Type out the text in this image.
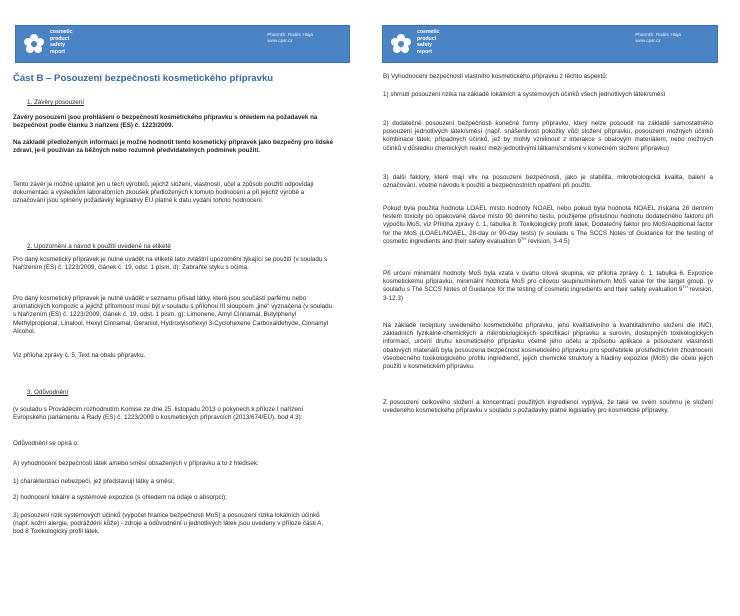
cosmetic
product
safety
report
PharmDr. Radim Hlaja
www.cpsr.cz
Část B – Posouzení bezpečnosti kosmetického přípravku
1. Závěry posouzení
Závěry posouzení jsou prohlášení o bezpečnosti kosmetického přípravku s ohledem na požadavek na bezpečnost podle článku 3 nařízení (ES) č. 1223/2009.
Na základě předložených informací je možné hodnotit tento kosmetický přípravek jako bezpečný pro lidské zdraví, je-li používán za běžných nebo rozumně předvídatelných podmínek použití.
Tento závěr je možné uplatnit jen u těch výrobků, jejichž složení, vlastnosti, účel a způsob použití odpovídají dokumentaci a výsledkům laboratorních zkoušek předložených k tomuto hodnocení a při jejichž výrobě a označování jsou splněny požadavky legislativy EU platné k datu vydání tohoto hodnocení.
2. Upozornění a návod k použití uvedené na etiketě
Pro daný kosmetický přípravek je nutné uvádět na etiketě tato zvláštní upozornění týkající se použití (v souladu s Nařízením (ES) č. 1223/2009, článek č. 19, odst. 1 písm. d): Zabraňte styku s očima.
Pro daný kosmetický přípravek je nutné uvádět v seznamu přísad látky, které jsou součástí parfému nebo aromatických kompozic a jejichž přítomnost musí být v souladu s přílohou III sloupcem „jiné“ vyznačena (v souladu s Nařízením (ES) č. 1223/2009, článek č. 19, odst. 1 písm. g): Limonene, Amyl Cinnamal, Butylphenyl Methylpropional, Linalool, Hexyl Cinnamal, Geraniol, Hydroxyisohexyl 3-Cyclohexene Carboxaldehyde, Cinnamyl Alcohol.
Viz příloha zprávy č. 5, Text na obalu přípravku.
3. Odůvodnění
(v souladu s Prováděcím rozhodnutím Komise ze dne 25. listopadu 2013 o pokynech k příloze I nařízení Evropského parlamentu a Rady (ES) č. 1223/2009 o kosmetických přípravcích (2013/674/EU), bod 4.3):
Odůvodnění se opírá o:
A) vyhodnocení bezpečnosti látek a/nebo směsí obsažených v přípravku a to z hledisek:
1) charakterizaci nebezpečí, jež představují látky a směsi;
2) hodnocení lokální a systémové expozice (s ohledem na údaje o absorpci);
3) posouzení rizik systémových účinků (výpočet hranice bezpečnosti MoS) a posouzení rizika lokálních účinků (např. kožní alergie, podráždění kůže) - zdroje a odůvodnění u jednotlivých látek jsou uvedeny v příloze části A, bod 8 Toxikologický profil látek.
cosmetic
product
safety
report
PharmDr. Radim Hlaja
www.cpsr.cz
B) Vyhodnocení bezpečnosti vlastního kosmetického přípravku z těchto aspektů:
1) shrnutí posouzení rizika na základě lokálních a systémových účinků všech jednotlivých látek/směsí
2) dodatečné posouzení bezpečnosti konečné formy přípravku, který nelze posoudit na základě samostatného posouzení jednotlivých látek/směsí (např. snášenlivost pokožky vůči složení přípravku, posouzení možných účinků kombinace látek, případných účinků, jež by mohly vzniknout z interakce s obalovým materiálem, nebo možných účinků v důsledku chemických reakcí mezi jednotlivými látkami/směsmi v konečném složení přípravku)
3) další faktory, které mají vliv na posouzení bezpečnosti, jako je stabilita, mikrobiologická kvalita, balení a označování, včetně návodu k použití a bezpečnostních opatření při použití.
Pokud byla použita hodnota LOAEL místo hodnoty NOAEL nebo pokud byla hodnota NOAEL získána 28 denním testem toxicity po opakované dávce místo 90 denního testu, použijeme příslušnou hodnotu dodatečného faktoru při výpočtu MoS, viz Příloha zprávy č. 1, tabulka 8. Toxikologický profil látek, Dodatečný faktor pro MoS/Additional factor for the MoS (LOAEL/NOAEL, 28-day or 90-day tests) (v souladu s The SCCS Notes of Guidance for the testing of cosmetic ingredients and their safety evaluation 9TH revision, 3-4.5)
Při určení minimální hodnoty MoS byla vzata v úvahu cílová skupina, viz příloha zprávy č. 1, tabulka 6. Expozice kosmetickému přípravku, minimální hodnota MoS pro cílovou skupinu/minimum MoS value for the target group. (v souladu s The SCCS Notes of Guidance for the testing of cosmetic ingredients and their safety evaluation 9TH revision, 3-12.3)
Na základě receptury uvedeného kosmetického přípravku, jeho kvalitativního a kvantitativního složení dle INCI, základních fyzikálně-chemických a mikrobiologických specifikací přípravku a surovin, dostupných toxikologických informací, určení druhu kosmetického přípravku včetně jeho účelu a způsobu aplikace a posouzení vlastností obalových materiálů byla posouzena bezpečnost kosmetického přípravku pro spotřebitele prostřednictvím zhodnocení všeobecného toxikologického profilu ingrediencí, jejich chemické struktury a hladiny expozice (MoS) dle účelu jejich použití v kosmetickém přípravku.
Z posouzení celkového složení a koncentrací použitých ingrediencí vyplývá, že také ve svém souhrnu je složení uvedeného kosmetického přípravku v souladu s požadavky platné legislativy pro kosmetické přípravky.
